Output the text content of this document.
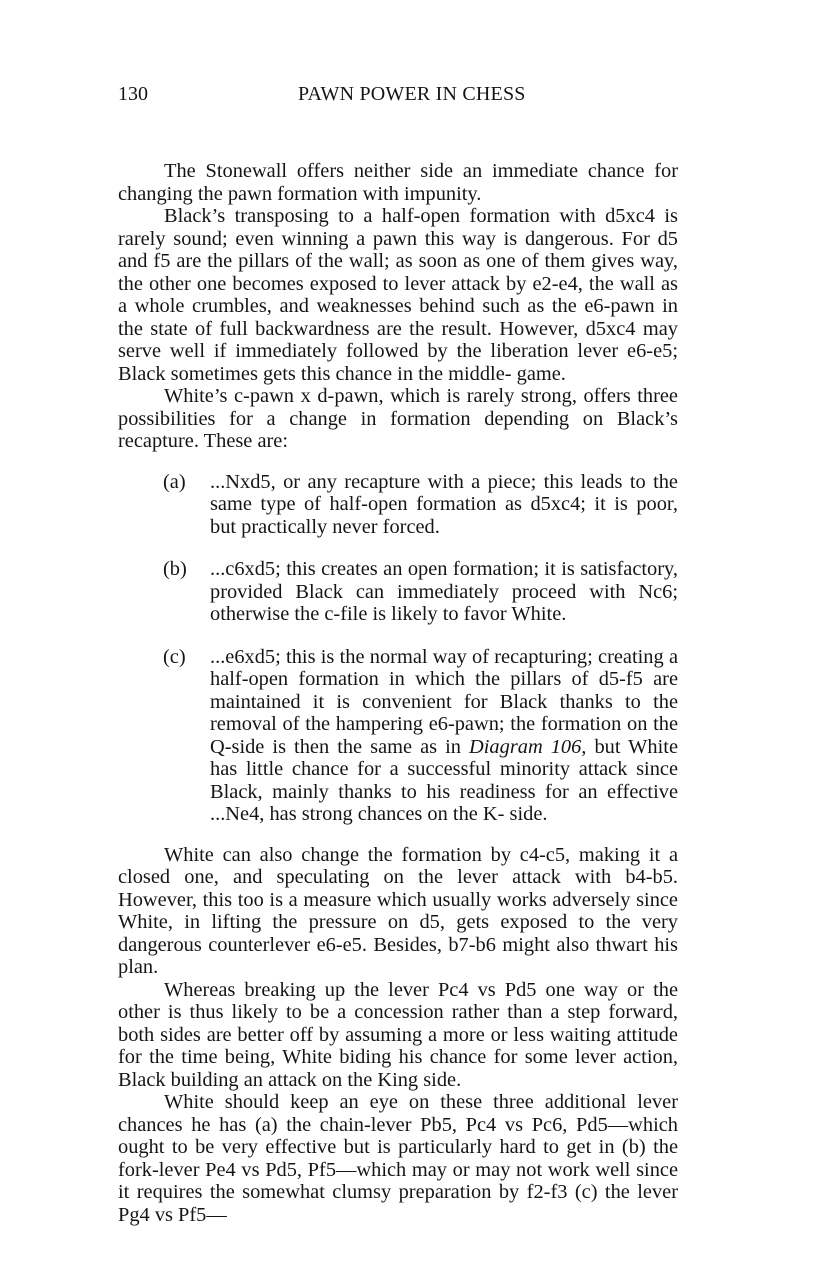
130	PAWN POWER IN CHESS

The Stonewall offers neither side an immediate chance for changing the pawn formation with impunity.

Black’s transposing to a half-open formation with d5xc4 is rarely sound; even winning a pawn this way is dangerous. For d5 and f5 are the pillars of the wall; as soon as one of them gives way, the other one becomes exposed to lever attack by e2-e4, the wall as a whole crumbles, and weaknesses behind such as the e6-pawn in the state of full backwardness are the result. However, d5xc4 may serve well if immediately followed by the liberation lever e6-e5; Black sometimes gets this chance in the middle- game.

White’s c-pawn x d-pawn, which is rarely strong, offers three possibilities for a change in formation depending on Black’s recapture. These are:

(a) ...Nxd5, or any recapture with a piece; this leads to the same type of half-open formation as d5xc4; it is poor, but practically never forced.

(b) ...c6xd5; this creates an open formation; it is satisfactory, provided Black can immediately proceed with Nc6; otherwise the c-file is likely to favor White.

(c) ...e6xd5; this is the normal way of recapturing; creating a half-open formation in which the pillars of d5-f5 are maintained it is convenient for Black thanks to the removal of the hampering e6-pawn; the formation on the Q-side is then the same as in Diagram 106, but White has little chance for a successful minority attack since Black, mainly thanks to his readiness for an effective ...Ne4, has strong chances on the K- side.

White can also change the formation by c4-c5, making it a closed one, and speculating on the lever attack with b4-b5. However, this too is a measure which usually works adversely since White, in lifting the pressure on d5, gets exposed to the very dangerous counterlever e6-e5. Besides, b7-b6 might also thwart his plan.

Whereas breaking up the lever Pc4 vs Pd5 one way or the other is thus likely to be a concession rather than a step forward, both sides are better off by assuming a more or less waiting attitude for the time being, White biding his chance for some lever action, Black building an attack on the King side.

White should keep an eye on these three additional lever chances he has (a) the chain-lever Pb5, Pc4 vs Pc6, Pd5—which ought to be very effective but is particularly hard to get in (b) the fork-lever Pe4 vs Pd5, Pf5—which may or may not work well since it requires the somewhat clumsy preparation by f2-f3 (c) the lever Pg4 vs Pf5—
